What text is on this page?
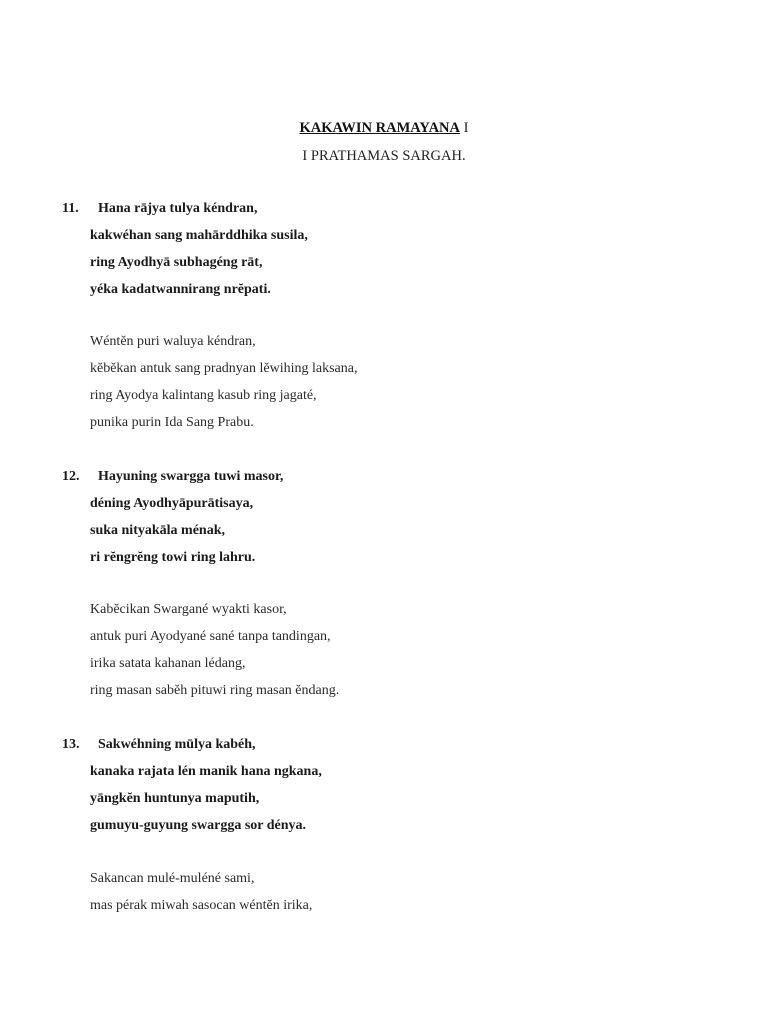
KAKAWIN RAMAYANA I
I PRATHAMAS SARGAH.
11. Hana rājya tulya kéndran,
kakwéhan sang mahārddhika susila,
ring Ayodhyā subhagéng rāt,
yéka kadatwannirang nrĕpati.
Wéntĕn puri waluya kéndran,
kĕbĕkan antuk sang pradnyan lĕwihing laksana,
ring Ayodya kalintang kasub ring jagaté,
punika purin Ida Sang Prabu.
12. Hayuning swargga tuwi masor,
déning Ayodhyāpurātisaya,
suka nityakāla ménak,
ri rĕngrĕng towi ring lahru.
Kabĕcikan Swargané wyakti kasor,
antuk puri Ayodyané sané tanpa tandingan,
irika satata kahanan lédang,
ring masan sabĕh pituwi ring masan ĕndang.
13. Sakwéhning mūlya kabéh,
kanaka rajata lén manik hana ngkana,
yāngkĕn huntunya maputih,
gumuyu-guyung swargga sor dénya.
Sakancan mulé-muléné sami,
mas pérak miwah sasocan wéntĕn irika,
